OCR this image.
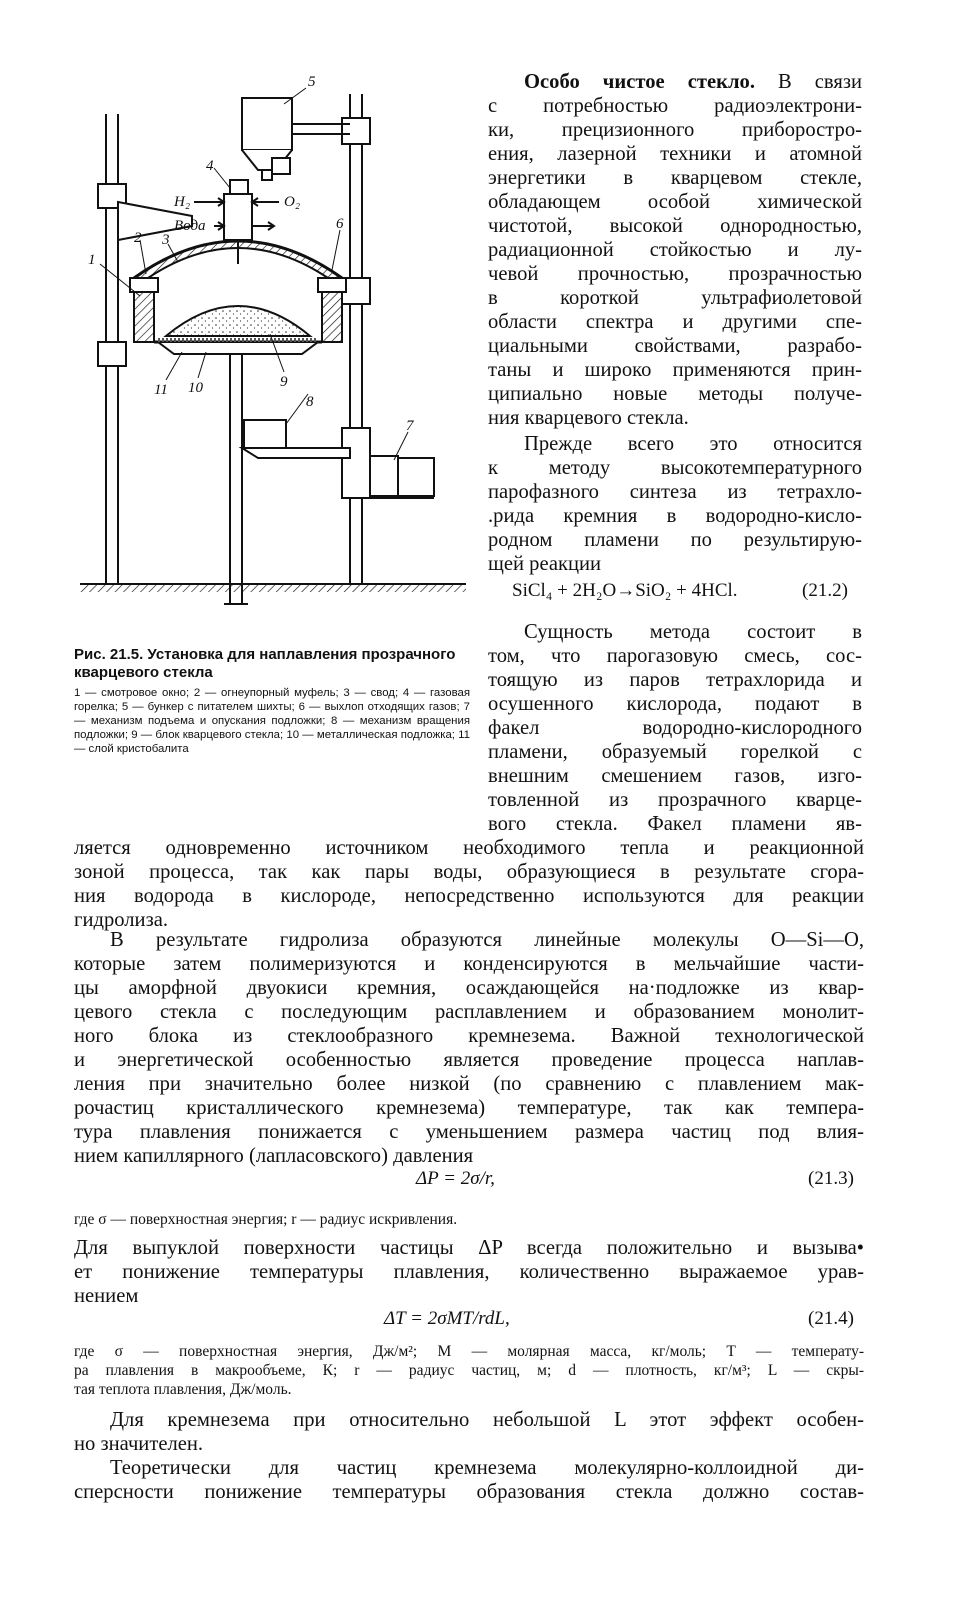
5
4
H₂	O₂
Вода
2 3
6
1
11 10	9
8
7
Рис. 21.5. Установка для наплавления прозрачного кварцевого стекла
1 — смотровое окно; 2 — огнеупорный муфель; 3 — свод; 4 — газовая горелка; 5 — бункер с питателем шихты; 6 — выхлоп отходящих газов; 7 — механизм подъема и опускания подложки; 8 — механизм вращения подложки; 9 — блок кварцевого стекла; 10 — металлическая подложка; 11 — слой кристобалита
Особо чистое стекло. В связи
с потребностью радиоэлектрони-
ки, прецизионного приборостро-
ения, лазерной техники и атомной
энергетики в кварцевом стекле,
обладающем особой химической
чистотой, высокой однородностью,
радиационной стойкостью и лу-
чевой прочностью, прозрачностью
в короткой ультрафиолетовой
области спектра и другими спе-
циальными свойствами, разрабо-
таны и широко применяются прин-
ципиально новые методы получе-
ния кварцевого стекла.
Прежде всего это относится
к методу высокотемпературного
парофазного синтеза из тетрахло-
.рида кремния в водородно-кисло-
родном пламени по результирую-
щей реакции
SiCl₄ + 2H₂O→SiO₂ + 4HCl.	(21.2)
Сущность метода состоит в
том, что парогазовую смесь, сос-
тоящую из паров тетрахлорида и
осушенного кислорода, подают в
факел водородно-кислородного
пламени, образуемый горелкой с
внешним смешением газов, изго-
товленной из прозрачного кварце-
вого стекла. Факел пламени яв-
ляется одновременно источником необходимого тепла и реакционной
зоной процесса, так как пары воды, образующиеся в результате сгора-
ния водорода в кислороде, непосредственно используются для реакции
гидролиза.
В результате гидролиза образуются линейные молекулы O—Si—O,
которые затем полимеризуются и конденсируются в мельчайшие части-
цы аморфной двуокиси кремния, осаждающейся на·подложке из квар-
цевого стекла с последующим расплавлением и образованием монолит-
ного блока из стеклообразного кремнезема. Важной технологической
и энергетической особенностью является проведение процесса наплав-
ления при значительно более низкой (по сравнению с плавлением мак-
рочастиц кристаллического кремнезема) температуре, так как темпера-
тура плавления понижается с уменьшением размера частиц под влия-
нием капиллярного (лапласовского) давления
ΔP = 2σ/r,	(21.3)
где σ — поверхностная энергия; r — радиус искривления.
Для выпуклой поверхности частицы ΔP всегда положительно и вызыва•
ет понижение температуры плавления, количественно выражаемое урав-
нением
ΔT = 2σMT/rdL,	(21.4)
где σ — поверхностная энергия, Дж/м²; M — молярная масса, кг/моль; T — температу-
ра плавления в макрообъеме, К; r — радиус частиц, м; d — плотность, кг/м³; L — скры-
тая теплота плавления, Дж/моль.
Для кремнезема при относительно небольшой L этот эффект особен-
но значителен.
Теоретически для частиц кремнезема молекулярно-коллоидной ди-
сперсности понижение температуры образования стекла должно состав-
